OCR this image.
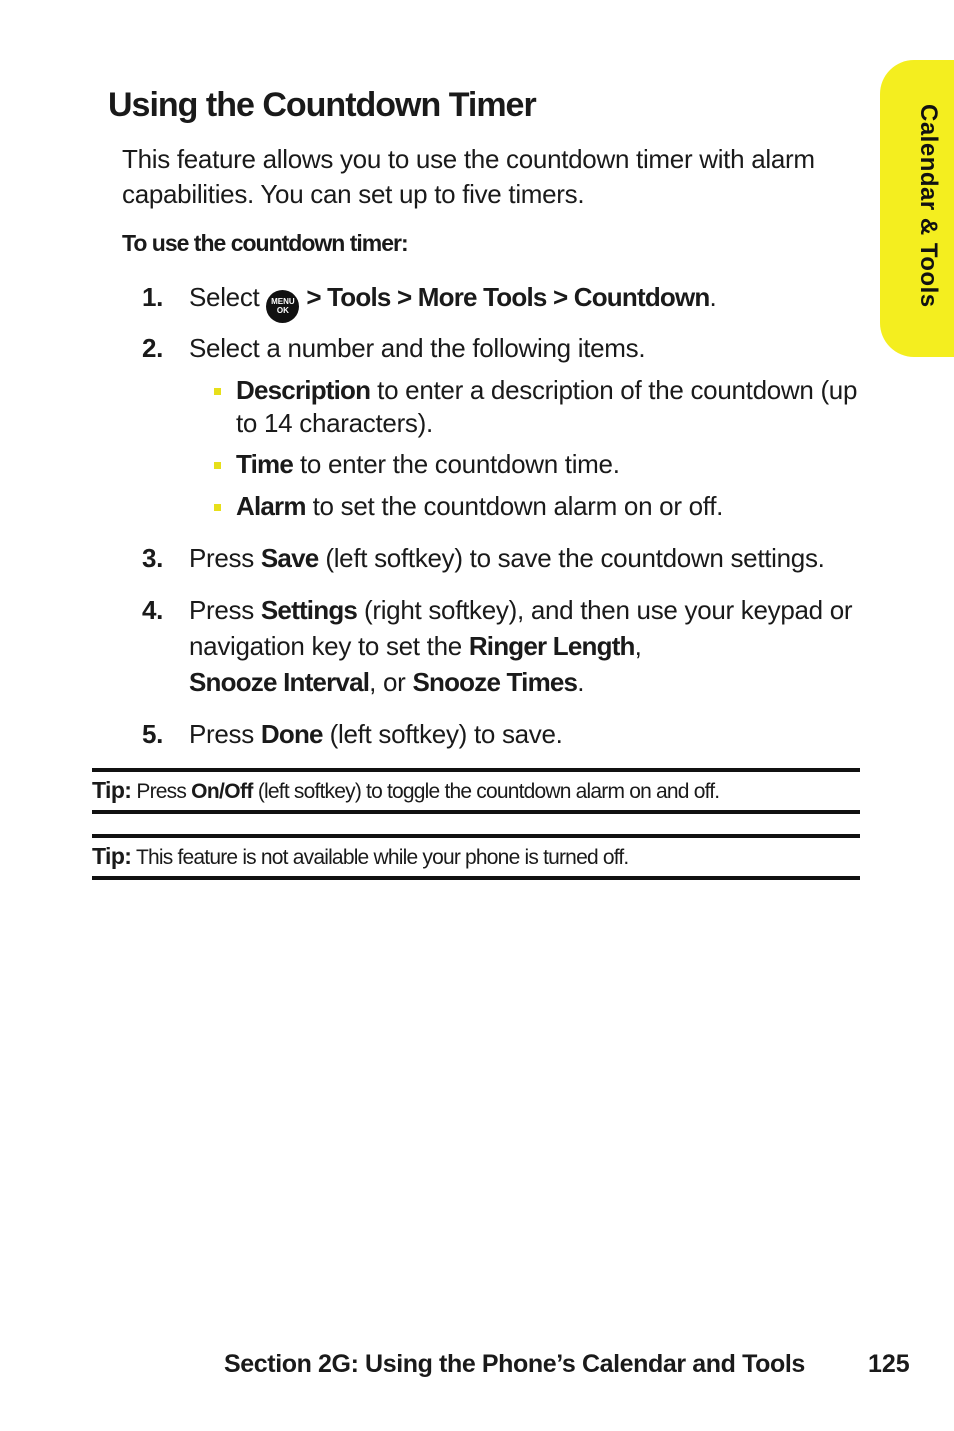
Calendar & Tools
Using the Countdown Timer

This feature allows you to use the countdown timer with alarm capabilities. You can set up to five timers.

To use the countdown timer:

1. Select	MENU
OK > Tools > More Tools > Countdown.
2. Select a number and the following items.
Description to enter a description of the countdown (up to 14 characters).
Time to enter the countdown time.
Alarm to set the countdown alarm on or off.
3. Press Save (left softkey) to save the countdown settings.
4. Press Settings (right softkey), and then use your keypad or navigation key to set the Ringer Length,
Snooze Interval, or Snooze Times.
5. Press Done (left softkey) to save.
Tip: Press On/Off (left softkey) to toggle the countdown alarm on and off.
Tip: This feature is not available while your phone is turned off.
Section 2G: Using the Phone’s Calendar and Tools	125
